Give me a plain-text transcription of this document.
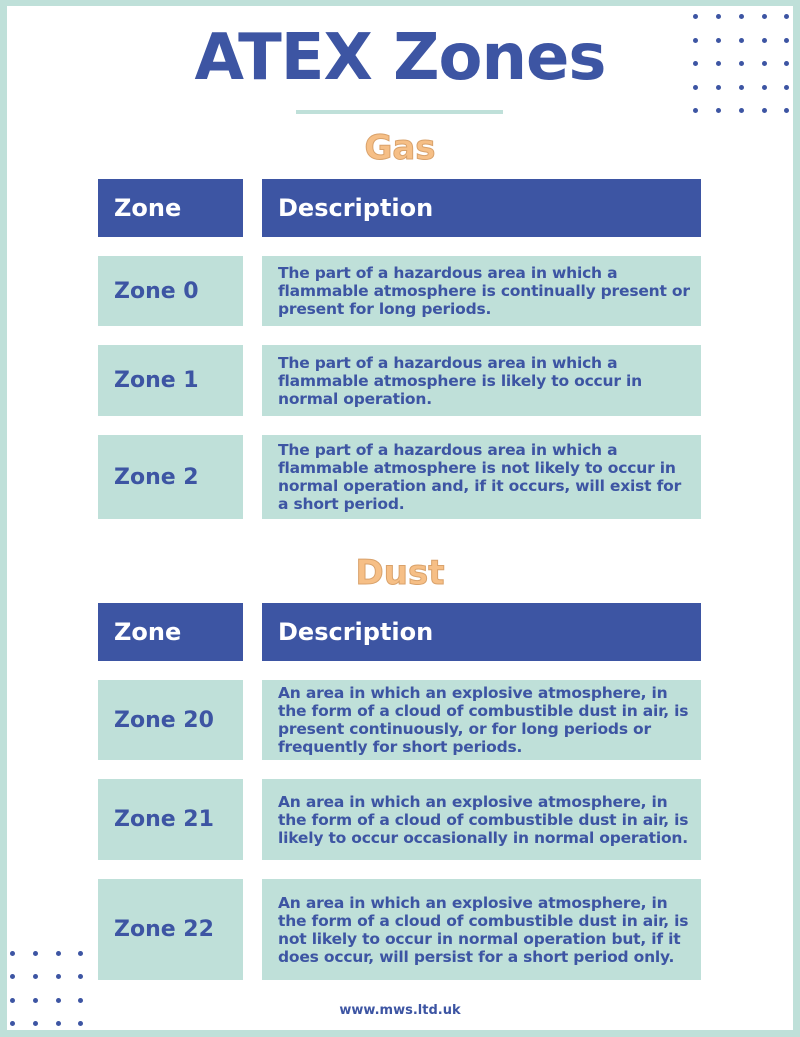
ATEX Zones
Gas
Zone	Description
Zone 0
The part of a hazardous area in which a flammable atmosphere is continually present or present for long periods.
Zone 1
The part of a hazardous area in which a flammable atmosphere is likely to occur in normal operation.
Zone 2
The part of a hazardous area in which a flammable atmosphere is not likely to occur in normal operation and, if it occurs, will exist for a short period.
Dust
Zone	Description
Zone 20
An area in which an explosive atmosphere, in the form of a cloud of combustible dust in air, is present continuously, or for long periods or frequently for short periods.
Zone 21
An area in which an explosive atmosphere, in the form of a cloud of combustible dust in air, is likely to occur occasionally in normal operation.
Zone 22
An area in which an explosive atmosphere, in the form of a cloud of combustible dust in air, is not likely to occur in normal operation but, if it does occur, will persist for a short period only.
www.mws.ltd.uk
